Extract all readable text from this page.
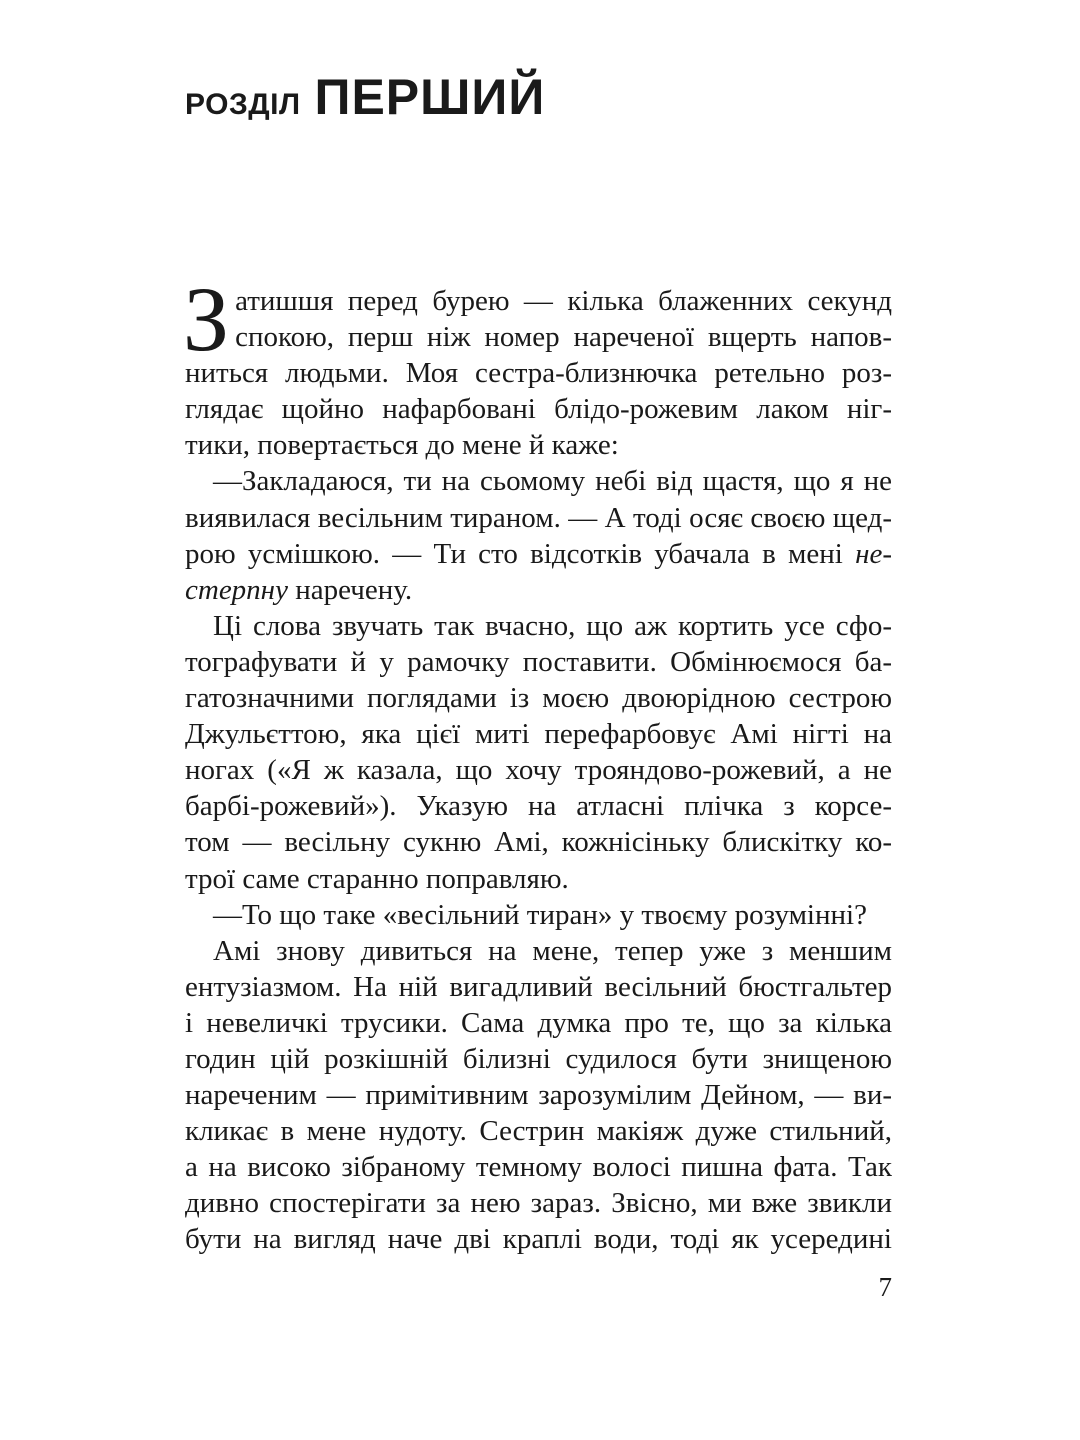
РОЗДІЛ ПЕРШИЙ
З атишшя перед бурею — кілька блаженних секунд
спокою, перш ніж номер нареченої вщерть напов-
ниться людьми. Моя сестра-близнючка ретельно роз-
глядає щойно нафарбовані блідо-рожевим лаком ніг-
тики, повертається до мене й каже:
—Закладаюся, ти на сьомому небі від щастя, що я не
виявилася весільним тираном. — А тоді осяє своєю щед-
рою усмішкою. — Ти сто відсотків убачала в мені не-
стерпну наречену.
Ці слова звучать так вчасно, що аж кортить усе сфо-
тографувати й у рамочку поставити. Обмінюємося ба-
гатозначними поглядами із моєю двоюрідною сестрою
Джульєттою, яка цієї миті перефарбовує Амі нігті на
ногах («Я ж казала, що хочу трояндово-рожевий, а не
барбі-рожевий»). Указую на атласні плічка з корсе-
том — весільну сукню Амі, кожнісіньку блискітку ко-
трої саме старанно поправляю.
—То що таке «весільний тиран» у твоєму розумінні?
Амі знову дивиться на мене, тепер уже з меншим
ентузіазмом. На ній вигадливий весільний бюстгальтер
і невеличкі трусики. Сама думка про те, що за кілька
годин цій розкішній білизні судилося бути знищеною
нареченим — примітивним зарозумілим Дейном, — ви-
кликає в мене нудоту. Сестрин макіяж дуже стильний,
а на високо зібраному темному волосі пишна фата. Так
дивно спостерігати за нею зараз. Звісно, ми вже звикли
бути на вигляд наче дві краплі води, тоді як усередині

7
